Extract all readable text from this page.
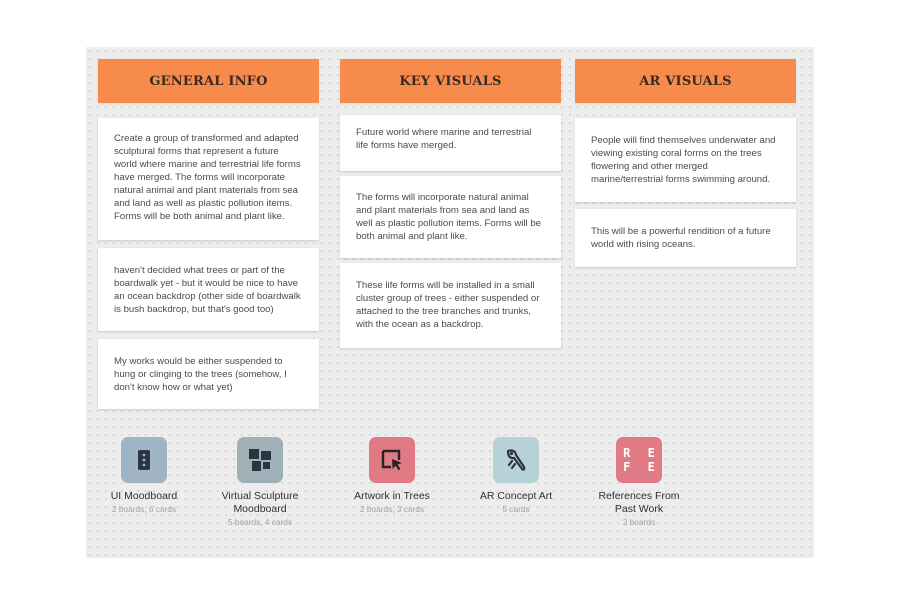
GENERAL INFO
Create a group of transformed and adapted sculptural forms that represent a future world where marine and terrestrial life forms have merged. The forms will incorporate natural animal and plant materials from sea and land as well as plastic pollution items. Forms will be both animal and plant like.
haven't decided what trees or part of the boardwalk yet - but it would be nice to have an ocean backdrop (other side of boardwalk is bush backdrop, but that's good too)
My works would be either suspended to hung or clinging to the trees (somehow, I don't know how or what yet)
KEY VISUALS
Future world where marine and terrestrial life forms have merged.
The forms will incorporate natural animal and plant materials from sea and land as well as plastic pollution items. Forms will be both animal and plant like.
These life forms will be installed in a small cluster group of trees - either suspended or attached to the tree branches and trunks, with the ocean as a backdrop.
AR VISUALS
People will find themselves underwater and viewing existing coral forms on the trees flowering and other merged marine/terrestrial forms swimming around.
This will be a powerful rendition of a future world with rising oceans.
UI Moodboard
2 boards, 6 cards
Virtual Sculpture Moodboard
5 boards, 4 cards
Artwork in Trees
2 boards, 3 cards
AR Concept Art
5 cards
R E
F E
References From Past Work
2 boards
